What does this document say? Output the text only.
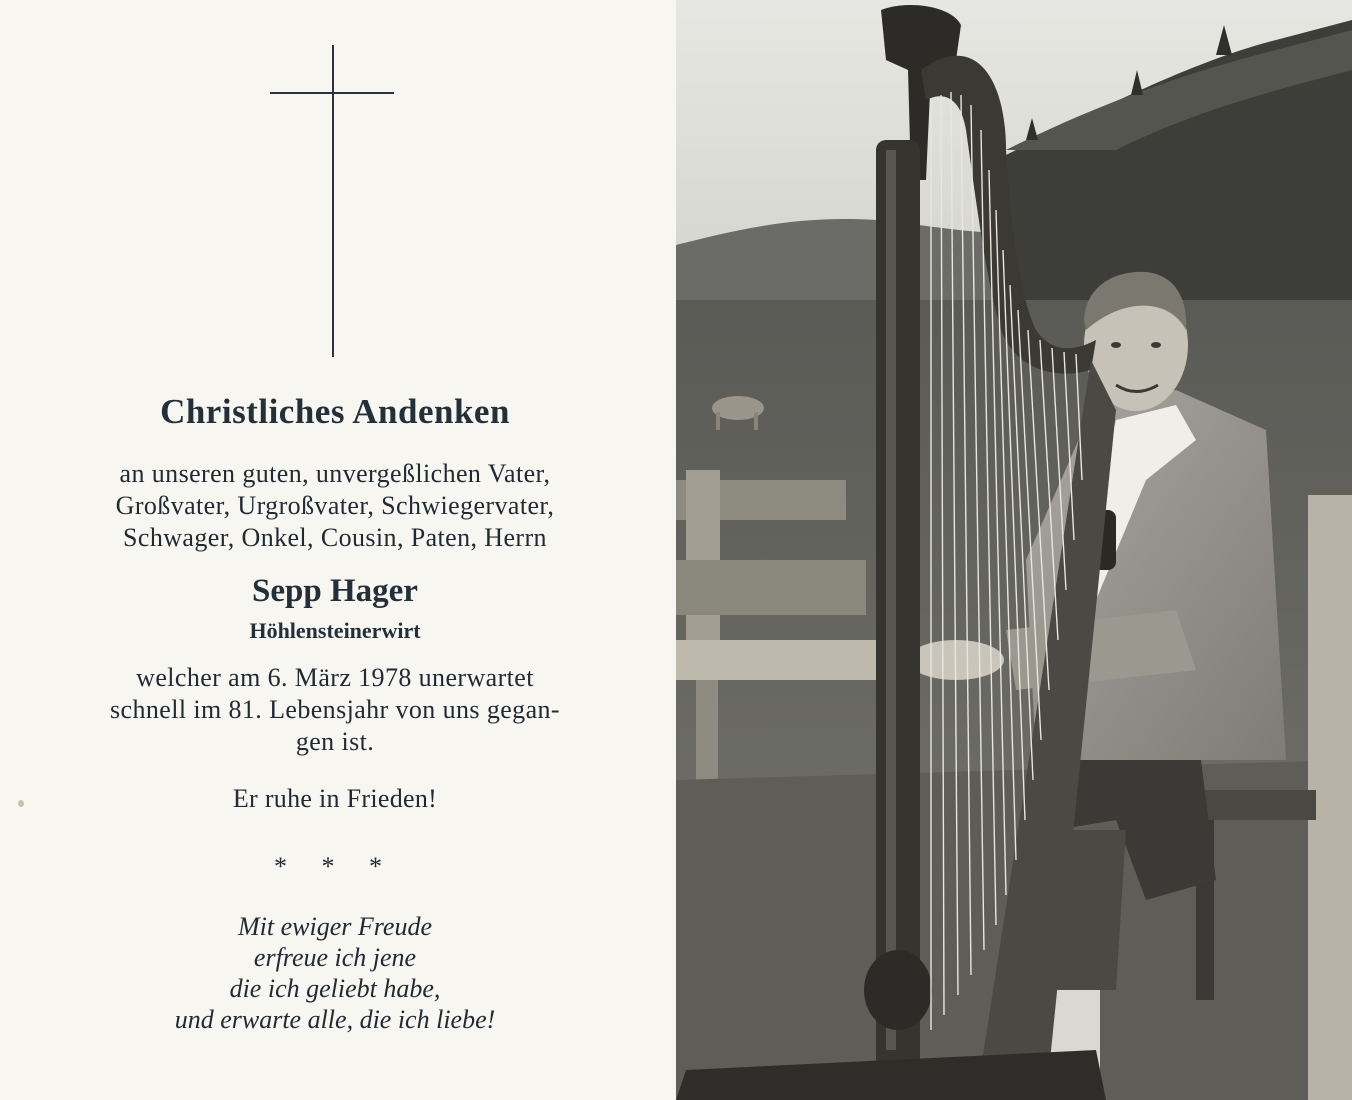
Christliches Andenken
an unseren guten, unvergeßlichen Vater,
Großvater, Urgroßvater, Schwiegervater,
Schwager, Onkel, Cousin, Paten, Herrn
Sepp Hager
Höhlensteinerwirt
welcher am 6. März 1978 unerwartet
schnell im 81. Lebensjahr von uns gegan-
gen ist.
Er ruhe in Frieden!
* * *
Mit ewiger Freude
erfreue ich jene
die ich geliebt habe,
und erwarte alle, die ich liebe!
